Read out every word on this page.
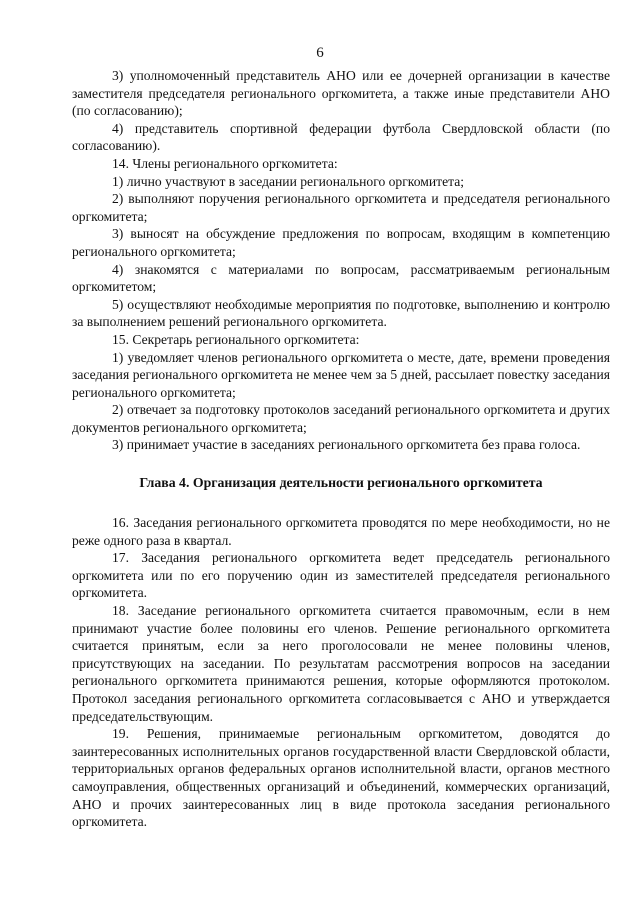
6

3) уполномоченный представитель АНО или ее дочерней организации в качестве заместителя председателя регионального оргкомитета, а также иные представители АНО (по согласованию);

4) представитель спортивной федерации футбола Свердловской области (по согласованию).

14. Члены регионального оргкомитета:

1) лично участвуют в заседании регионального оргкомитета;

2) выполняют поручения регионального оргкомитета и председателя регионального оргкомитета;

3) выносят на обсуждение предложения по вопросам, входящим в компетенцию регионального оргкомитета;

4) знакомятся с материалами по вопросам, рассматриваемым региональным оргкомитетом;

5) осуществляют необходимые мероприятия по подготовке, выполнению и контролю за выполнением решений регионального оргкомитета.

15. Секретарь регионального оргкомитета:

1) уведомляет членов регионального оргкомитета о месте, дате, времени проведения заседания регионального оргкомитета не менее чем за 5 дней, рассылает повестку заседания регионального оргкомитета;

2) отвечает за подготовку протоколов заседаний регионального оргкомитета и других документов регионального оргкомитета;

3) принимает участие в заседаниях регионального оргкомитета без права голоса.

Глава 4. Организация деятельности регионального оргкомитета

16. Заседания регионального оргкомитета проводятся по мере необходимости, но не реже одного раза в квартал.

17. Заседания регионального оргкомитета ведет председатель регионального оргкомитета или по его поручению один из заместителей председателя регионального оргкомитета.

18. Заседание регионального оргкомитета считается правомочным, если в нем принимают участие более половины его членов. Решение регионального оргкомитета считается принятым, если за него проголосовали не менее половины членов, присутствующих на заседании. По результатам рассмотрения вопросов на заседании регионального оргкомитета принимаются решения, которые оформляются протоколом. Протокол заседания регионального оргкомитета согласовывается с АНО и утверждается председательствующим.

19. Решения, принимаемые региональным оргкомитетом, доводятся до заинтересованных исполнительных органов государственной власти Свердловской области, территориальных органов федеральных органов исполнительной власти, органов местного самоуправления, общественных организаций и объединений, коммерческих организаций, АНО и прочих заинтересованных лиц в виде протокола заседания регионального оргкомитета.
